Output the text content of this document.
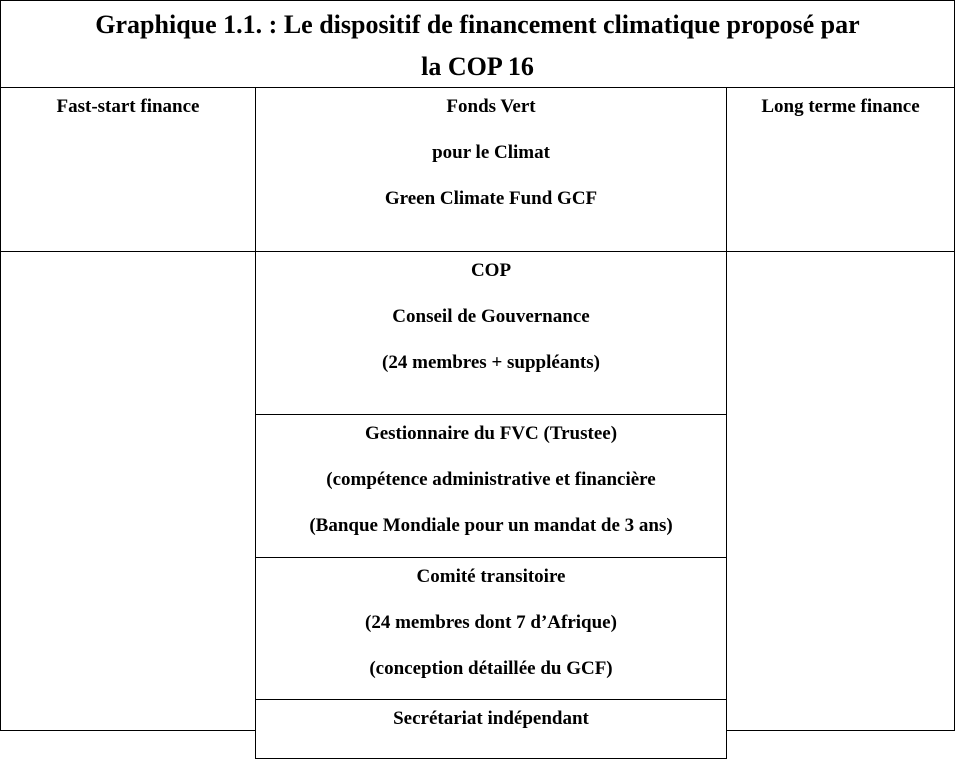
Graphique 1.1. : Le dispositif de financement climatique proposé par
la COP 16

Fast-start finance	Fonds Vert

pour le Climat

Green Climate Fund GCF

Long terme finance

COP

Conseil de Gouvernance

(24 membres + suppléants)

Gestionnaire du FVC (Trustee)

(compétence administrative et financière

(Banque Mondiale pour un mandat de 3 ans)

Comité transitoire

(24 membres dont 7 d’Afrique)

(conception détaillée du GCF)

Secrétariat indépendant
